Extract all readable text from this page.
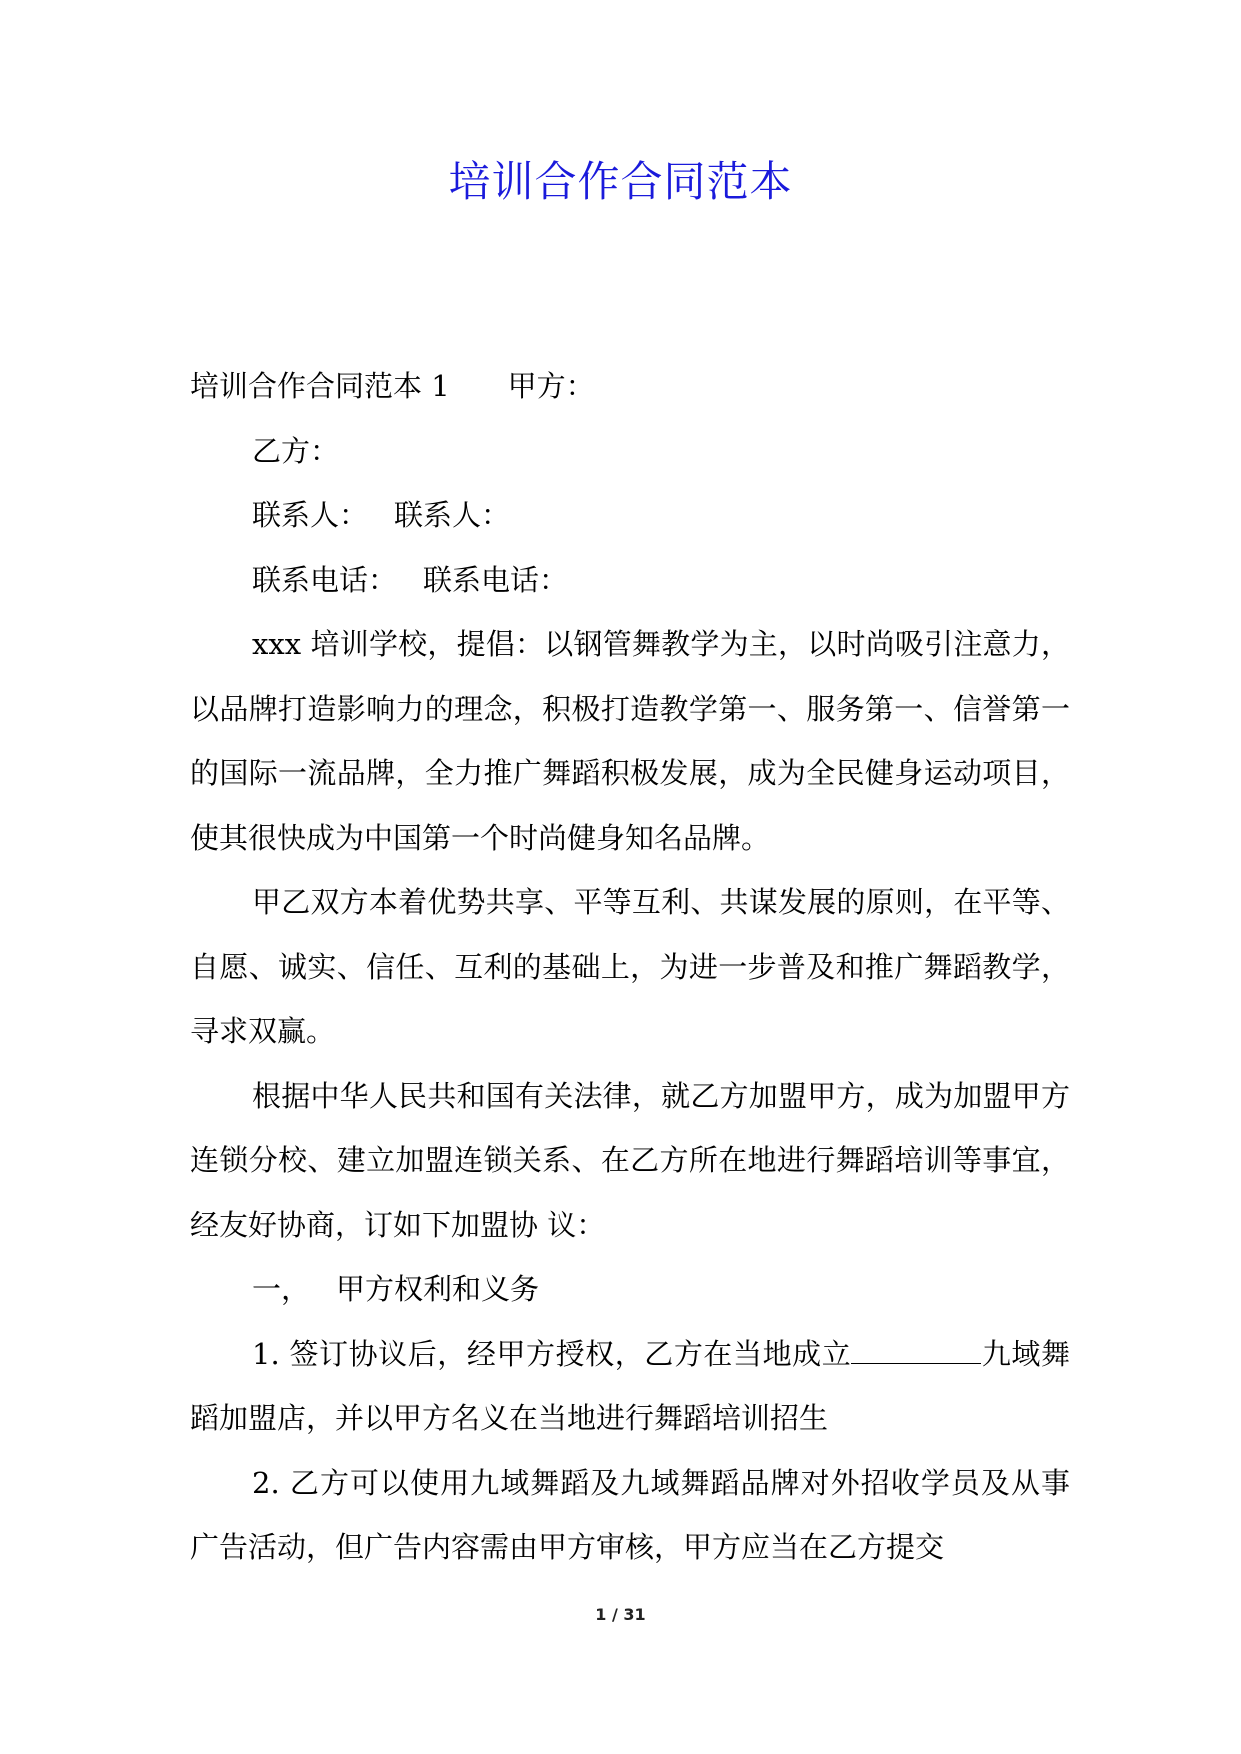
培训合作合同范本

培训合作合同范本 1 甲方：

乙方：

联系人： 联系人：

联系电话： 联系电话：

xxx 培训学校，提倡：以钢管舞教学为主，以时尚吸引注意力，以品牌打造影响力的理念，积极打造教学第一、服务第一、信誉第一的国际一流品牌，全力推广舞蹈积极发展，成为全民健身运动项目，使其很快成为中国第一个时尚健身知名品牌。

甲乙双方本着优势共享、平等互利、共谋发展的原则，在平等、自愿、诚实、信任、互利的基础上，为进一步普及和推广舞蹈教学，寻求双赢。

根据中华人民共和国有关法律，就乙方加盟甲方，成为加盟甲方连锁分校、建立加盟连锁关系、在乙方所在地进行舞蹈培训等事宜，经友好协商，订如下加盟协 议：

一， 甲方权利和义务

1. 签订协议后，经甲方授权，乙方在当地成立	九域舞蹈加盟店，并以甲方名义在当地进行舞蹈培训招生

2. 乙方可以使用九域舞蹈及九域舞蹈品牌对外招收学员及从事广告活动，但广告内容需由甲方审核，甲方应当在乙方提交

1 / 31
